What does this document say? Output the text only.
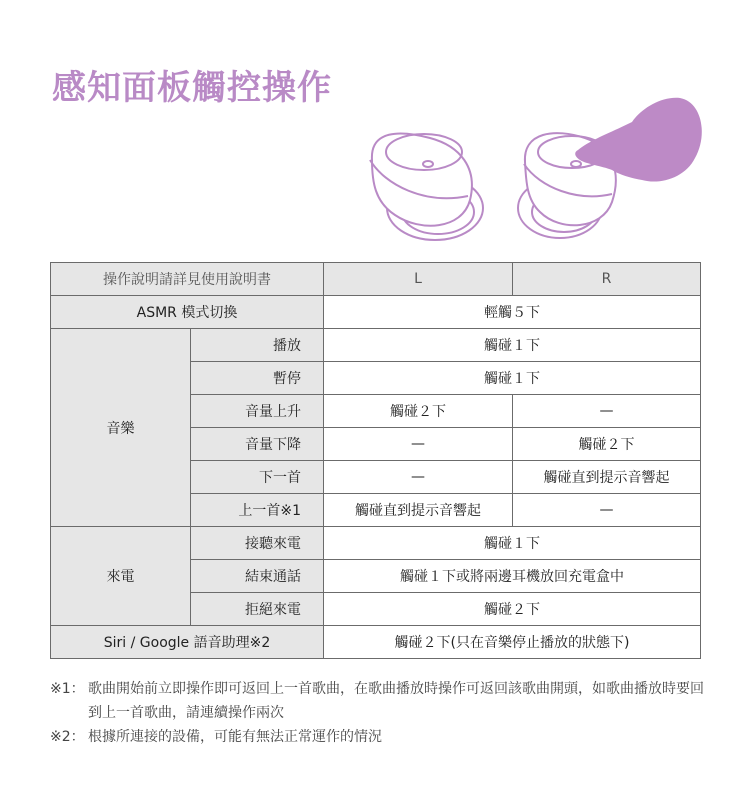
感知面板觸控操作
操作說明請詳見使用說明書		L	R
ASMR 模式切換		輕觸５下	
音樂	播放	觸碰１下	
	暫停	觸碰１下	
	音量上升	觸碰２下	—
	音量下降	—	觸碰２下
	下一首	—	觸碰直到提示音響起
	上一首※1	觸碰直到提示音響起	—
來電	接聽來電	觸碰１下	
	結束通話	觸碰１下或將兩邊耳機放回充電盒中	
	拒絕來電	觸碰２下	
Siri / Google 語音助理※2		觸碰２下(只在音樂停止播放的狀態下)	
※1： 歌曲開始前立即操作即可返回上一首歌曲，在歌曲播放時操作可返回該歌曲開頭，如歌曲播放時要回到上一首歌曲，請連續操作兩次
※2： 根據所連接的設備，可能有無法正常運作的情況
